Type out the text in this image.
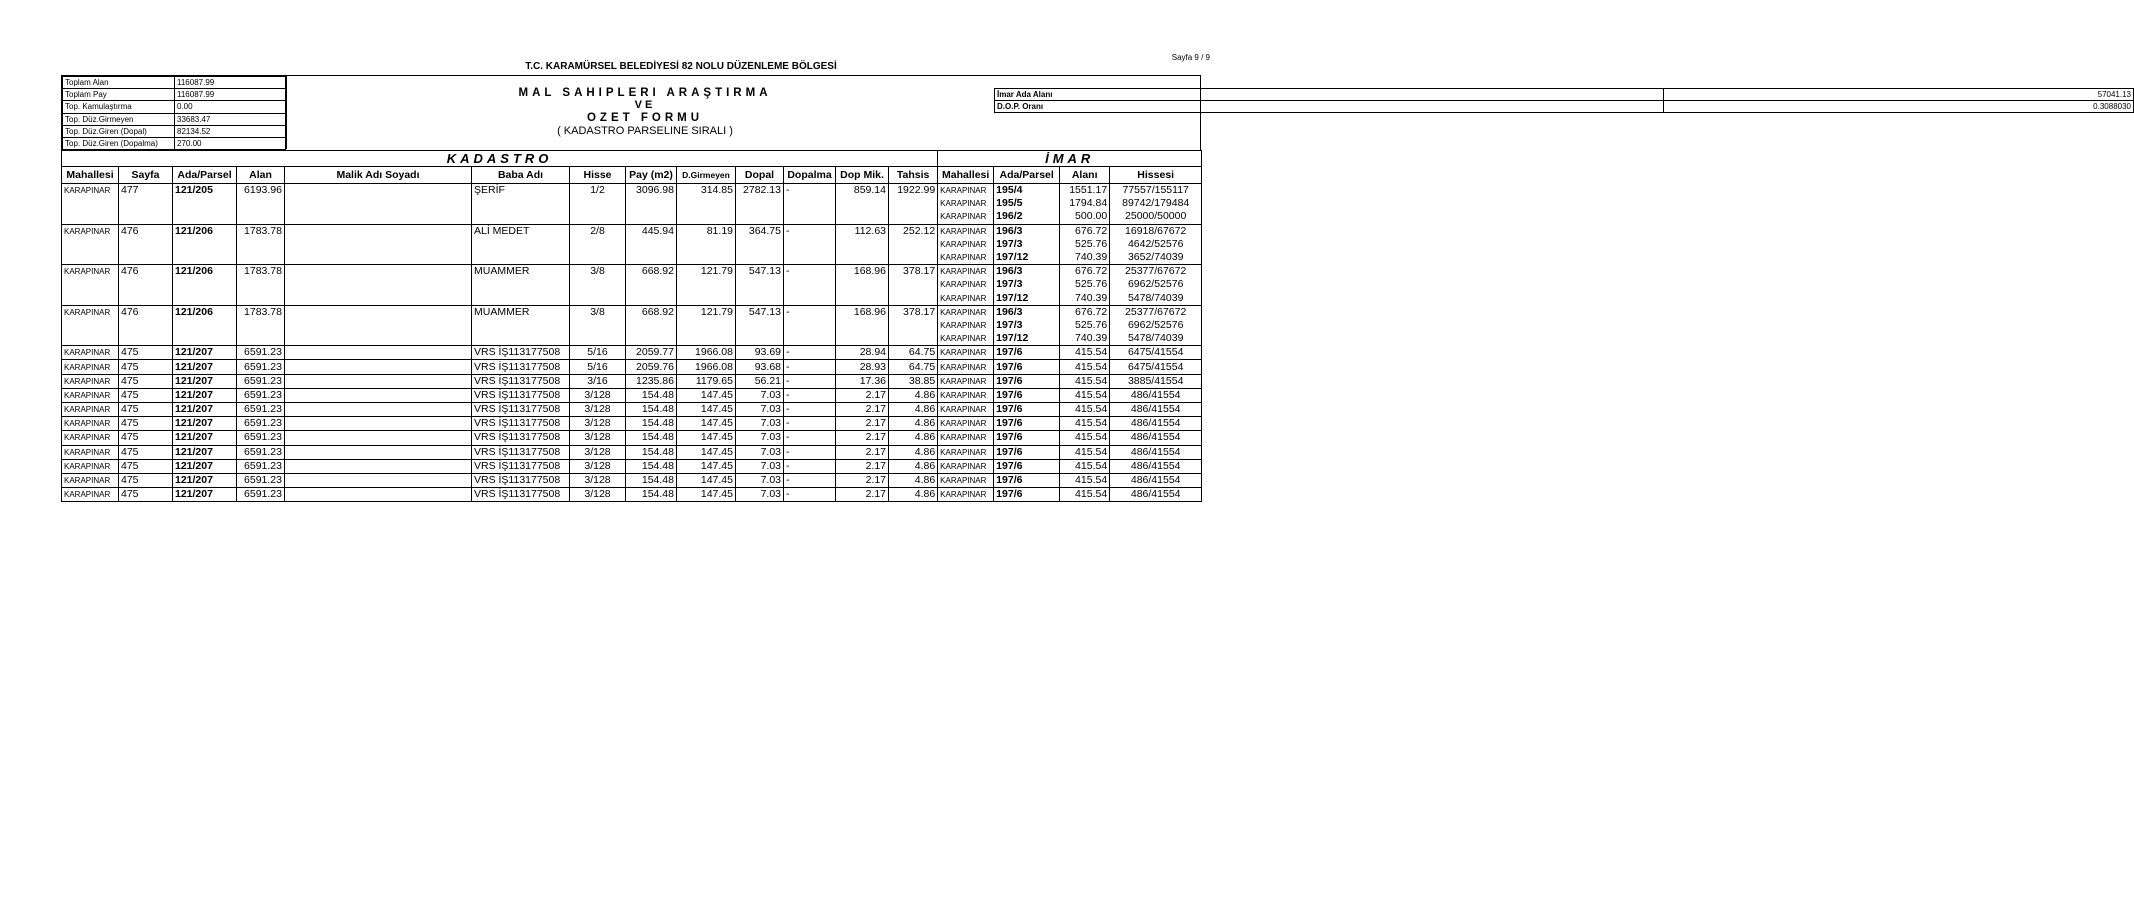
Sayfa 9 / 9
T.C. KARAMÜRSEL BELEDİYESİ 82 NOLU DÜZENLEME BÖLGESİ
Toplam Alan	116087.99
Toplam Pay	116087.99
Top. Kamulaştırma	0.00
Top. Düz.Girmeyen	33683.47
Top. Düz.Giren (Dopal)	82134.52
Top. Düz.Giren (Dopalma)	270.00
MAL SAHIPLERI ARAŞTIRMA
VE
OZET FORMU
( KADASTRO PARSELINE SIRALI )
İmar Ada Alanı	57041.13
D.O.P. Oranı	0.3088030
KADASTRO													İMAR			
Mahallesi	Sayfa	Ada/Parsel	Alan	Malik Adı Soyadı	Baba Adı	Hisse	Pay (m2)	D.Girmeyen	Dopal	Dopalma	Dop Mik.	Tahsis	Mahallesi	Ada/Parsel	Alanı	Hissesi
KARAPINAR	477	121/205	6193.96		ŞERİF	1/2	3096.98	314.85	2782.13	-	859.14	1922.99	KARAPINAR	195/4	1551.17	77557/155117
													KARAPINAR	195/5	1794.84	89742/179484
													KARAPINAR	196/2	500.00	25000/50000
KARAPINAR	476	121/206	1783.78		ALİ MEDET	2/8	445.94	81.19	364.75	-	112.63	252.12	KARAPINAR	196/3	676.72	16918/67672
													KARAPINAR	197/3	525.76	4642/52576
													KARAPINAR	197/12	740.39	3652/74039
KARAPINAR	476	121/206	1783.78		MUAMMER	3/8	668.92	121.79	547.13	-	168.96	378.17	KARAPINAR	196/3	676.72	25377/67672
													KARAPINAR	197/3	525.76	6962/52576
													KARAPINAR	197/12	740.39	5478/74039
KARAPINAR	476	121/206	1783.78		MUAMMER	3/8	668.92	121.79	547.13	-	168.96	378.17	KARAPINAR	196/3	676.72	25377/67672
													KARAPINAR	197/3	525.76	6962/52576
													KARAPINAR	197/12	740.39	5478/74039
KARAPINAR	475	121/207	6591.23		VRS İŞ113177508	5/16	2059.77	1966.08	93.69	-	28.94	64.75	KARAPINAR	197/6	415.54	6475/41554
KARAPINAR	475	121/207	6591.23		VRS İŞ113177508	5/16	2059.76	1966.08	93.68	-	28.93	64.75	KARAPINAR	197/6	415.54	6475/41554
KARAPINAR	475	121/207	6591.23		VRS İŞ113177508	3/16	1235.86	1179.65	56.21	-	17.36	38.85	KARAPINAR	197/6	415.54	3885/41554
KARAPINAR	475	121/207	6591.23		VRS İŞ113177508	3/128	154.48	147.45	7.03	-	2.17	4.86	KARAPINAR	197/6	415.54	486/41554
KARAPINAR	475	121/207	6591.23		VRS İŞ113177508	3/128	154.48	147.45	7.03	-	2.17	4.86	KARAPINAR	197/6	415.54	486/41554
KARAPINAR	475	121/207	6591.23		VRS İŞ113177508	3/128	154.48	147.45	7.03	-	2.17	4.86	KARAPINAR	197/6	415.54	486/41554
KARAPINAR	475	121/207	6591.23		VRS İŞ113177508	3/128	154.48	147.45	7.03	-	2.17	4.86	KARAPINAR	197/6	415.54	486/41554
KARAPINAR	475	121/207	6591.23		VRS İŞ113177508	3/128	154.48	147.45	7.03	-	2.17	4.86	KARAPINAR	197/6	415.54	486/41554
KARAPINAR	475	121/207	6591.23		VRS İŞ113177508	3/128	154.48	147.45	7.03	-	2.17	4.86	KARAPINAR	197/6	415.54	486/41554
KARAPINAR	475	121/207	6591.23		VRS İŞ113177508	3/128	154.48	147.45	7.03	-	2.17	4.86	KARAPINAR	197/6	415.54	486/41554
KARAPINAR	475	121/207	6591.23		VRS İŞ113177508	3/128	154.48	147.45	7.03	-	2.17	4.86	KARAPINAR	197/6	415.54	486/41554
